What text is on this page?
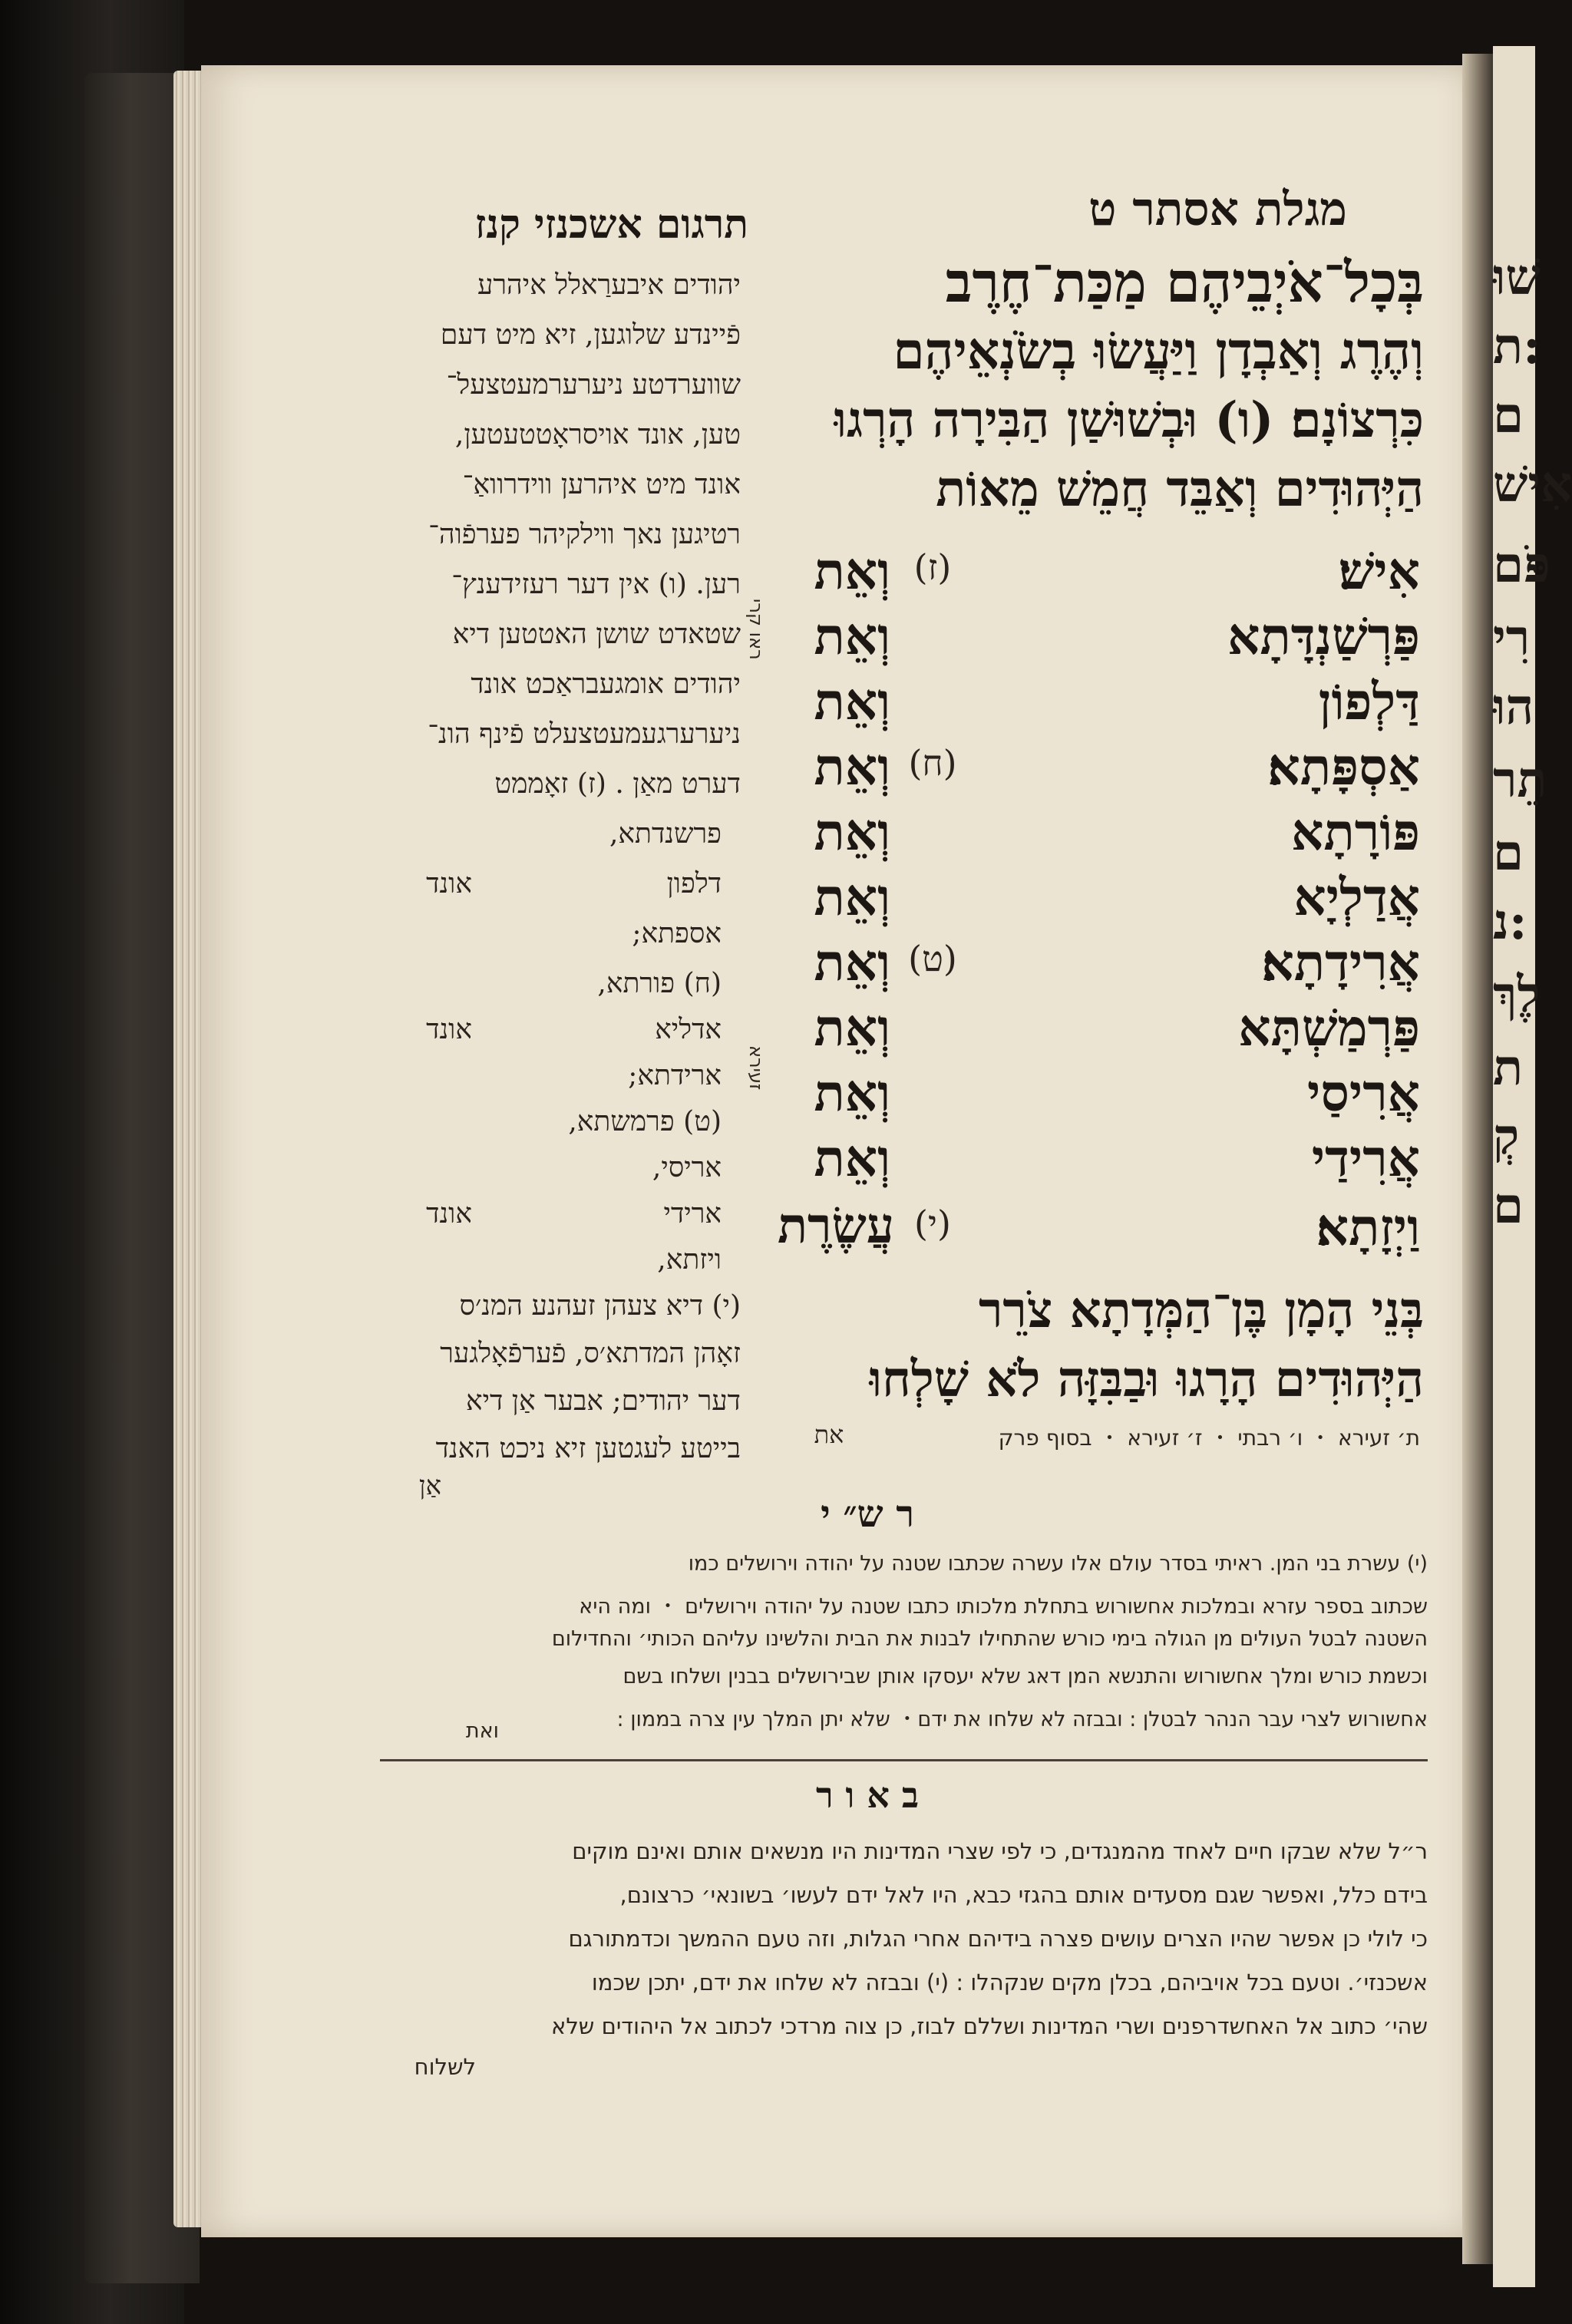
מגלת אסתר ט
תרגום אשכנזי קנז
בְּכָל־אֹיְבֵיהֶם מַכַּת־חֶרֶב
וְהֶרֶג וְאַבְדָן וַיַּעֲשׂוּ בְשֹׂנְאֵיהֶם
כִּרְצוֹנָם׃ (ו) וּבְשׁוּשַׁן הַבִּירָה הָרְגוּ
הַיְּהוּדִים וְאַבֵּד חֲמֵשׁ מֵאוֹת
אִישׁ׃
(ז)
וְאֵת
פַּרְשַׁנְדָּתָא
וְאֵת
דַּלְפוֹן
וְאֵת
אַסְפָּתָא׃
(ח)
וְאֵת
פּוֹרָתָא
וְאֵת
אֲדַלְיָא
וְאֵת
אֲרִידָתָא׃
(ט)
וְאֵת
פַּרְמַשְׁתָּא
וְאֵת
אֲרִיסַי
וְאֵת
אֲרִידַי
וְאֵת
וַיְזָתָא׃
(י)
עֲשֶׂרֶת
בְּנֵי הָמָן בֶּן־הַמְּדָתָא צֹרֵר
הַיְּהוּדִים הָרָגוּ וּבַבִּזָּה לֹא שָׁלְחוּ
את	ת׳ זעירא ・ ו׳ רבתי ・ ז׳ זעירא ・ בסוף פרק
ראו קרי
זעירא
יהודים איבערַאלל איהרע
פֿיינדע שלוגען, זיא מיט דעם
שווערדטע ניערערמעטצעל־
טען, אונד אויסראָטטעטען,
אונד מיט איהרען ווידרוואַ־
רטיגען נאך ווילקיהר פערפֿוה־
רען. (ו) אין דער רעזידענץ־
שטאדט שושן האטטען דיא
יהודים אומגעבראַכט אונד
ניערערגעמעטצעלט פֿינף הונ־
דערט מאַן . (ז) זאָממט
פרשנדתא,
דלפון
אונד
אספתא;
(ח) פורתא,
אדליא
אונד
ארידתא;
(ט) פרמשתא,
אריסי,
ארידי
אונד
ויזתא,
(י) דיא צעהן זעהנע המנ׳ס
זאָהן המדתא׳ס, פֿערפֿאָלגער
דער יהודים; אבער אַן דיא
בייטע לעגטען זיא ניכט האנד
אַן
ר ש״ י
(י) עשרת בני המן. ראיתי בסדר עולם אלו עשרה שכתבו שטנה על יהודה וירושלים כמו
שכתוב בספר עזרא ובמלכות אחשורוש בתחלת מלכותו כתבו שטנה על יהודה וירושלים ・ ומה היא
השטנה לבטל העולים מן הגולה בימי כורש שהתחילו לבנות את הבית והלשינו עליהם הכותי׳ והחדילום
וכשמת כורש ומלך אחשורוש והתנשא המן דאג שלא יעסקו אותן שבירושלים בבנין ושלחו בשם
אחשורוש לצרי עבר הנהר לבטלן : ובבזה לא שלחו את ידם・ שלא יתן המלך עין צרה בממון :
ואת
ב א ו ר
ר״ל שלא שבקו חיים לאחד מהמנגדים, כי לפי שצרי המדינות היו מנשאים אותם ואינם מוקים
בידם כלל, ואפשר שגם מסעדים אותם בהגזי כבא, היו לאל ידם לעשו׳ בשונאי׳ כרצונם,
כי לולי כן אפשר שהיו הצרים עושים פצרה בידיהם אחרי הגלות, וזה טעם ההמשך וכדמתורגם
אשכנזי׳. וטעם בכל אויביהם, בכלן מקים שנקהלו : (י) ובבזה לא שלחו את ידם, יתכן שכמו
שהי׳ כתוב אל האחשדרפנים ושרי המדינות ושללם לבוז, כן צוה מרדכי לכתוב אל היהודים שלא
לשלוח
שׁוּ
ת:
ם
אִישׁ
פֹּם
רִי
הוּ
תֵר
ם
נ:
לֶךְ
ת
קְ
ם
